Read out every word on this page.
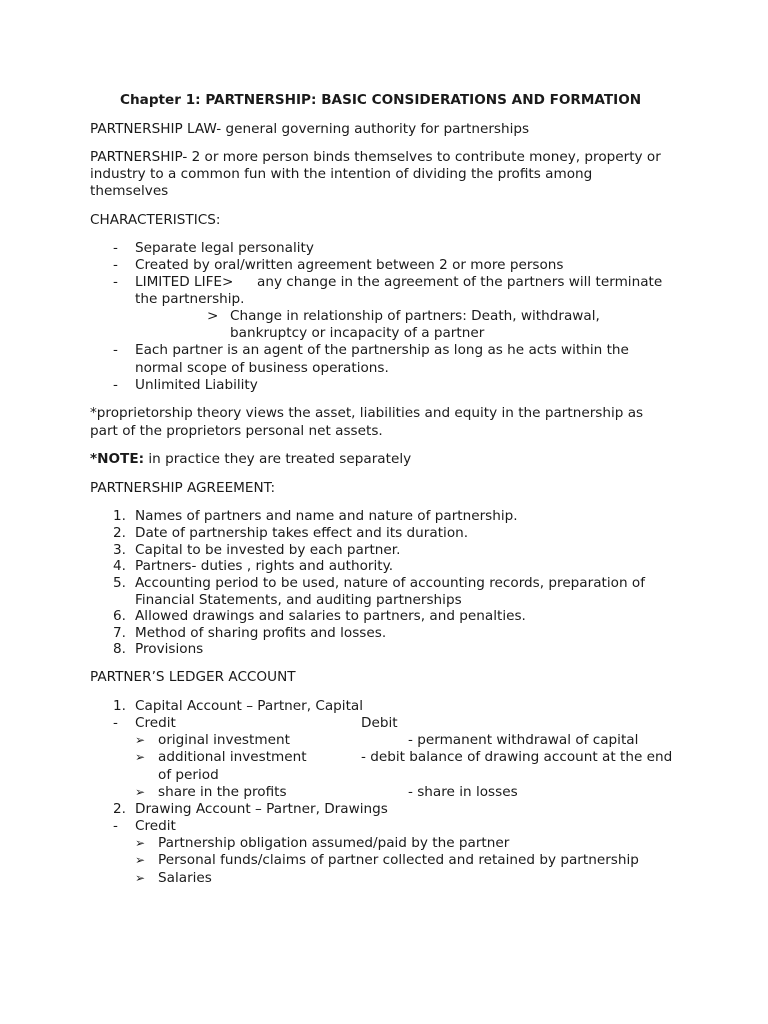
Chapter 1: PARTNERSHIP: BASIC CONSIDERATIONS AND FORMATION
PARTNERSHIP LAW- general governing authority for partnerships
PARTNERSHIP- 2 or more person binds themselves to contribute money, property or
industry to a common fun with the intention of dividing the profits among
themselves
CHARACTERISTICS:
- Separate legal personality
- Created by oral/written agreement between 2 or more persons
- LIMITED LIFE> any change in the agreement of the partners will terminate
the partnership.
> Change in relationship of partners: Death, withdrawal,
bankruptcy or incapacity of a partner
- Each partner is an agent of the partnership as long as he acts within the
normal scope of business operations.
- Unlimited Liability
*proprietorship theory views the asset, liabilities and equity in the partnership as
part of the proprietors personal net assets.
*NOTE: in practice they are treated separately
PARTNERSHIP AGREEMENT:
1. Names of partners and name and nature of partnership.
2. Date of partnership takes effect and its duration.
3. Capital to be invested by each partner.
4. Partners- duties , rights and authority.
5. Accounting period to be used, nature of accounting records, preparation of
Financial Statements, and auditing partnerships
6. Allowed drawings and salaries to partners, and penalties.
7. Method of sharing profits and losses.
8. Provisions
PARTNER’S LEDGER ACCOUNT
1. Capital Account – Partner, Capital
- Credit	Debit
➢ original investment	- permanent withdrawal of capital
➢ additional investment	- debit balance of drawing account at the end
of period
➢ share in the profits	- share in losses
2. Drawing Account – Partner, Drawings
- Credit
➢ Partnership obligation assumed/paid by the partner
➢ Personal funds/claims of partner collected and retained by partnership
➢ Salaries
